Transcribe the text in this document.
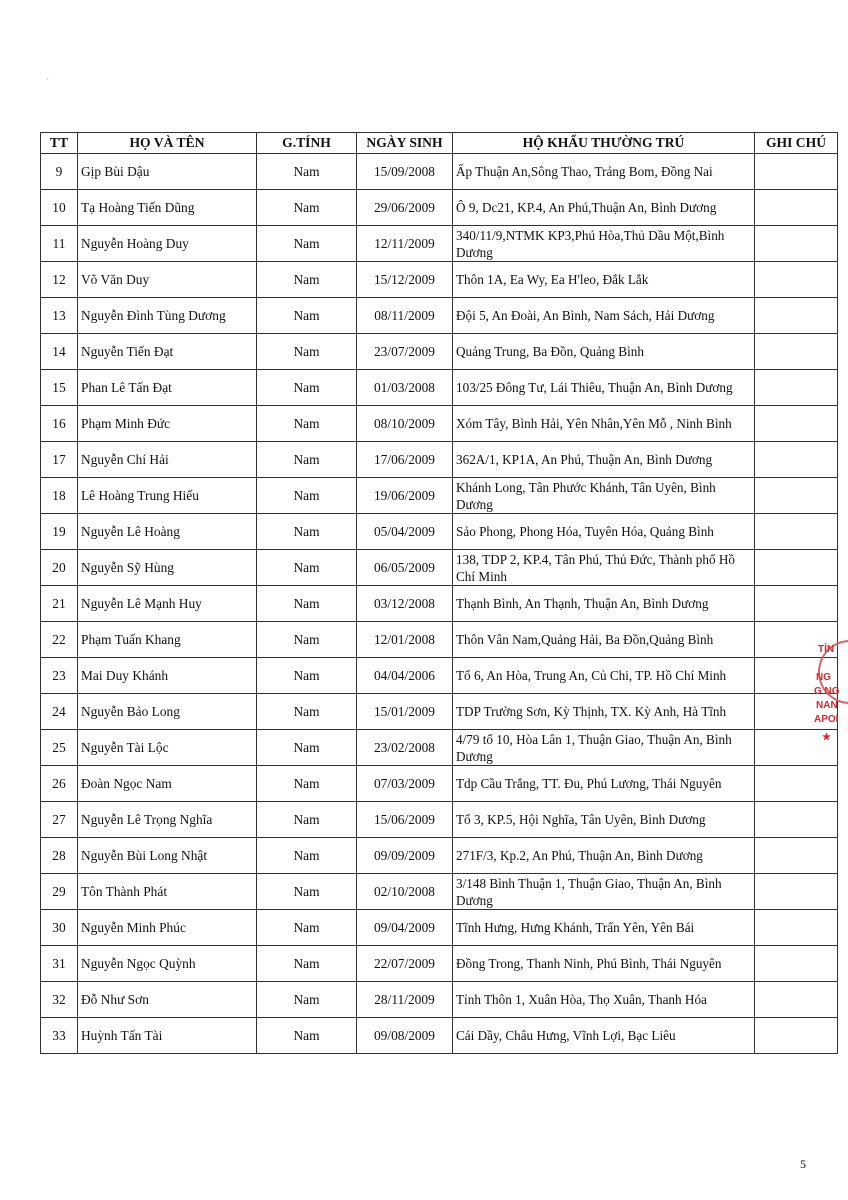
ˏ
TT	HỌ VÀ TÊN	G.TÍNH	NGÀY SINH	HỘ KHẨU THƯỜNG TRÚ	GHI CHÚ
9	Gịp Bùi Dậu	Nam	15/09/2008	Ấp Thuận An,Sông Thao, Trảng Bom, Đồng Nai	
10	Tạ Hoàng Tiến Dũng	Nam	29/06/2009	Ô 9, Dc21, KP.4, An Phú,Thuận An, Bình Dương	
11	Nguyễn Hoàng Duy	Nam	12/11/2009	340/11/9,NTMK KP3,Phú Hòa,Thủ Dầu Một,Bình Dương	
12	Võ Văn Duy	Nam	15/12/2009	Thôn 1A, Ea Wy, Ea H'leo, Đắk Lắk	
13	Nguyễn Đình Tùng Dương	Nam	08/11/2009	Đội 5, An Đoài, An Bình, Nam Sách, Hải Dương	
14	Nguyễn Tiến Đạt	Nam	23/07/2009	Quảng Trung, Ba Đồn, Quảng Bình	
15	Phan Lê Tấn Đạt	Nam	01/03/2008	103/25 Đông Tư, Lái Thiêu, Thuận An, Bình Dương	
16	Phạm Minh Đức	Nam	08/10/2009	Xóm Tây, Bình Hải, Yên Nhân,Yên Mỗ , Ninh Bình	
17	Nguyễn Chí Hải	Nam	17/06/2009	362A/1, KP1A, An Phú, Thuận An, Bình Dương	
18	Lê Hoàng Trung Hiếu	Nam	19/06/2009	Khánh Long, Tân Phước Khánh, Tân Uyên, Bình Dương	
19	Nguyễn Lê Hoàng	Nam	05/04/2009	Sảo Phong, Phong Hóa, Tuyên Hóa, Quảng Bình	
20	Nguyễn Sỹ Hùng	Nam	06/05/2009	138, TDP 2, KP.4, Tân Phú, Thủ Đức, Thành phố Hồ Chí Minh	
21	Nguyễn Lê Mạnh Huy	Nam	03/12/2008	Thạnh Bình, An Thạnh, Thuận An, Bình Dương	
22	Phạm Tuấn Khang	Nam	12/01/2008	Thôn Vân Nam,Quảng Hải, Ba Đồn,Quảng Bình	
23	Mai Duy Khánh	Nam	04/04/2006	Tổ 6, An Hòa, Trung An, Củ Chi, TP. Hồ Chí Minh	
24	Nguyễn Bảo Long	Nam	15/01/2009	TDP Trường Sơn, Kỳ Thịnh, TX. Kỳ Anh, Hà Tĩnh	
25	Nguyễn Tài Lộc	Nam	23/02/2008	4/79 tổ 10, Hòa Lân 1, Thuận Giao, Thuận An, Bình Dương	
26	Đoàn Ngọc Nam	Nam	07/03/2009	Tdp Cầu Trắng, TT. Đu, Phú Lương, Thái Nguyên	
27	Nguyễn Lê Trọng Nghĩa	Nam	15/06/2009	Tổ 3, KP.5, Hội Nghĩa, Tân Uyên, Bình Dương	
28	Nguyễn Bùi Long Nhật	Nam	09/09/2009	271F/3, Kp.2, An Phú, Thuận An, Bình Dương	
29	Tôn Thành Phát	Nam	02/10/2008	3/148 Bình Thuận 1, Thuận Giao, Thuận An, Bình Dương	
30	Nguyễn Minh Phúc	Nam	09/04/2009	Tĩnh Hưng, Hưng Khánh, Trấn Yên, Yên Bái	
31	Nguyễn Ngọc Quỳnh	Nam	22/07/2009	Đồng Trong, Thanh Ninh, Phú Bình, Thái Nguyên	
32	Đỗ Như Sơn	Nam	28/11/2009	Tỉnh Thôn 1, Xuân Hòa, Thọ Xuân, Thanh Hóa	
33	Huỳnh Tấn Tài	Nam	09/08/2009	Cái Dầy, Châu Hưng, Vĩnh Lợi, Bạc Liêu	
TỈN
NG
G NG
NAN
APOI
★
5
